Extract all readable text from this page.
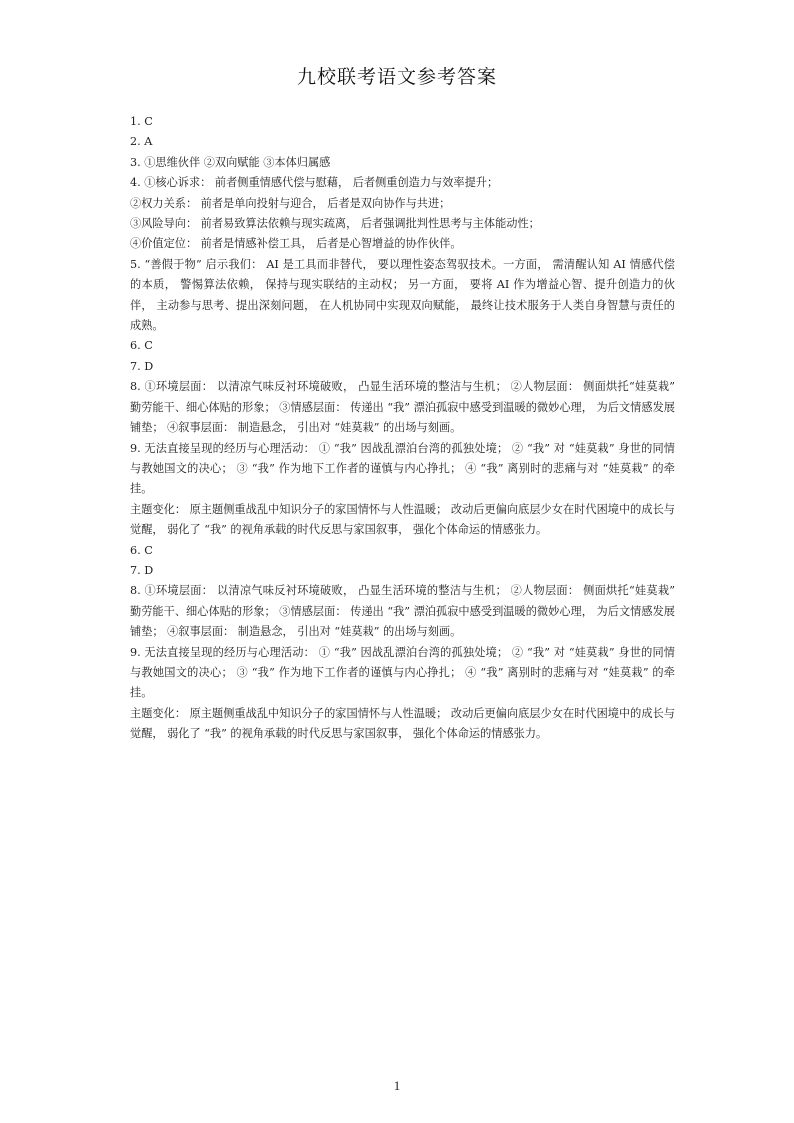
九校联考语文参考答案

1. C

2. A

3. ①思维伙伴 ②双向赋能 ③本体归属感

4. ①核心诉求： 前者侧重情感代偿与慰藉， 后者侧重创造力与效率提升；

②权力关系： 前者是单向投射与迎合， 后者是双向协作与共进；

③风险导向： 前者易致算法依赖与现实疏离， 后者强调批判性思考与主体能动性；

④价值定位： 前者是情感补偿工具， 后者是心智增益的协作伙伴。

5. “善假于物” 启示我们： AI 是工具而非替代， 要以理性姿态驾驭技术。一方面， 需清醒认知 AI 情感代偿的本质， 警惕算法依赖， 保持与现实联结的主动权； 另一方面， 要将 AI 作为增益心智、提升创造力的伙伴， 主动参与思考、提出深刻问题， 在人机协同中实现双向赋能， 最终让技术服务于人类自身智慧与责任的成熟。

6. C

7. D

8. ①环境层面： 以清凉气味反衬环境破败， 凸显生活环境的整洁与生机； ②人物层面： 侧面烘托“娃莫栽” 勤劳能干、细心体贴的形象； ③情感层面： 传递出 “我” 漂泊孤寂中感受到温暖的微妙心理， 为后文情感发展铺垫； ④叙事层面： 制造悬念， 引出对 “娃莫栽” 的出场与刻画。

9. 无法直接呈现的经历与心理活动： ① “我” 因战乱漂泊台湾的孤独处境； ② “我” 对 “娃莫栽” 身世的同情与教她国文的决心； ③ “我” 作为地下工作者的谨慎与内心挣扎； ④ “我” 离别时的悲痛与对 “娃莫栽” 的牵挂。

主题变化： 原主题侧重战乱中知识分子的家国情怀与人性温暖； 改动后更偏向底层少女在时代困境中的成长与觉醒， 弱化了 “我” 的视角承载的时代反思与家国叙事， 强化个体命运的情感张力。

6. C

7. D

8. ①环境层面： 以清凉气味反衬环境破败， 凸显生活环境的整洁与生机； ②人物层面： 侧面烘托“娃莫栽” 勤劳能干、细心体贴的形象； ③情感层面： 传递出 “我” 漂泊孤寂中感受到温暖的微妙心理， 为后文情感发展铺垫； ④叙事层面： 制造悬念， 引出对 “娃莫栽” 的出场与刻画。

9. 无法直接呈现的经历与心理活动： ① “我” 因战乱漂泊台湾的孤独处境； ② “我” 对 “娃莫栽” 身世的同情与教她国文的决心； ③ “我” 作为地下工作者的谨慎与内心挣扎； ④ “我” 离别时的悲痛与对 “娃莫栽” 的牵挂。

主题变化： 原主题侧重战乱中知识分子的家国情怀与人性温暖； 改动后更偏向底层少女在时代困境中的成长与觉醒， 弱化了 “我” 的视角承载的时代反思与家国叙事， 强化个体命运的情感张力。

1
